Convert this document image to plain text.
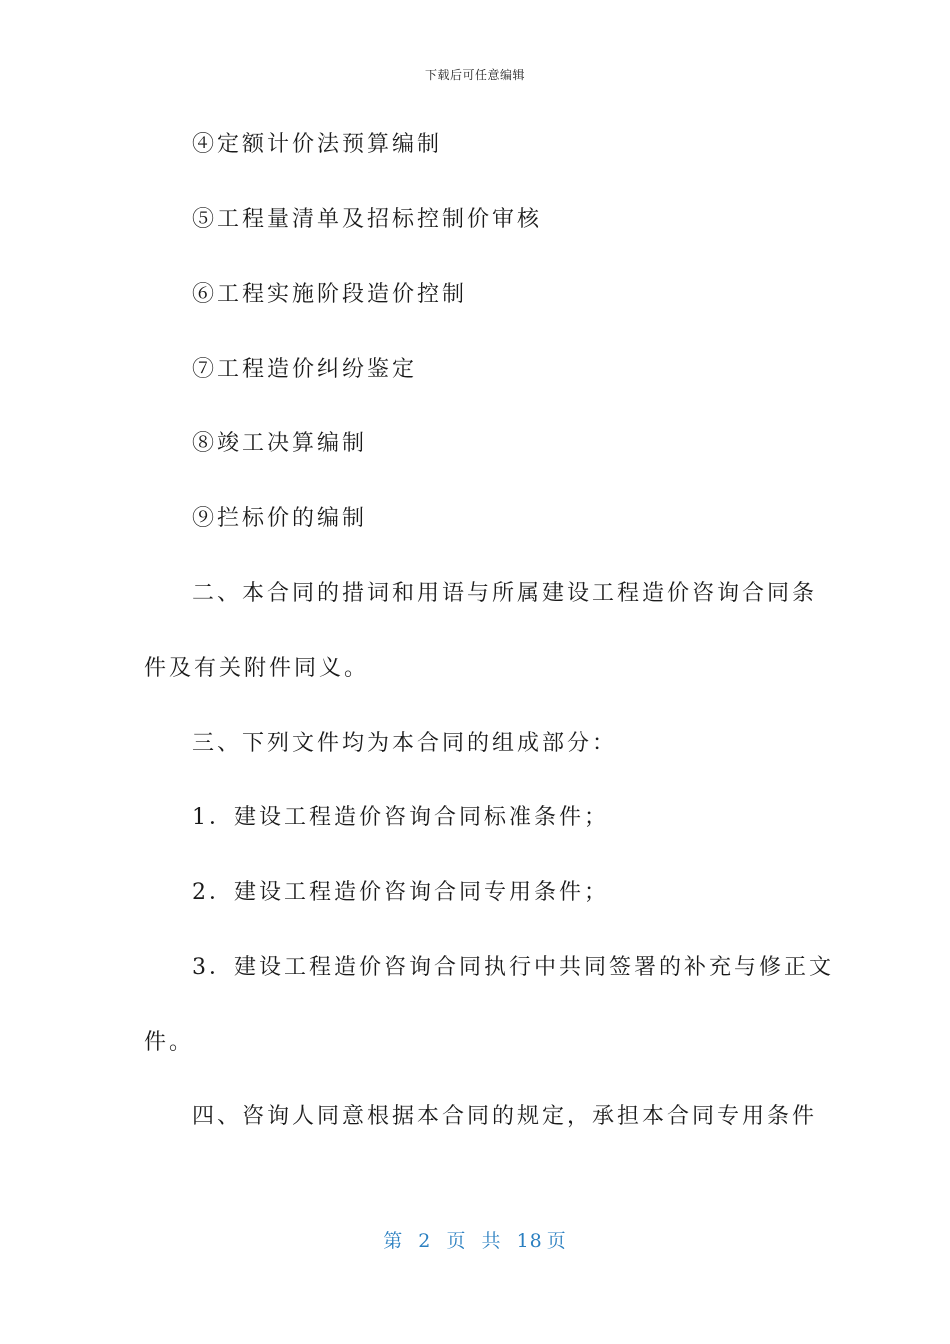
下载后可任意编辑
④定额计价法预算编制
⑤工程量清单及招标控制价审核
⑥工程实施阶段造价控制
⑦工程造价纠纷鉴定
⑧竣工决算编制
⑨拦标价的编制
二、本合同的措词和用语与所属建设工程造价咨询合同条
件及有关附件同义。
三、下列文件均为本合同的组成部分：
1．建设工程造价咨询合同标准条件；
2．建设工程造价咨询合同专用条件；
3．建设工程造价咨询合同执行中共同签署的补充与修正文
件。
四、咨询人同意根据本合同的规定，承担本合同专用条件
第 2 页 共 18 页
